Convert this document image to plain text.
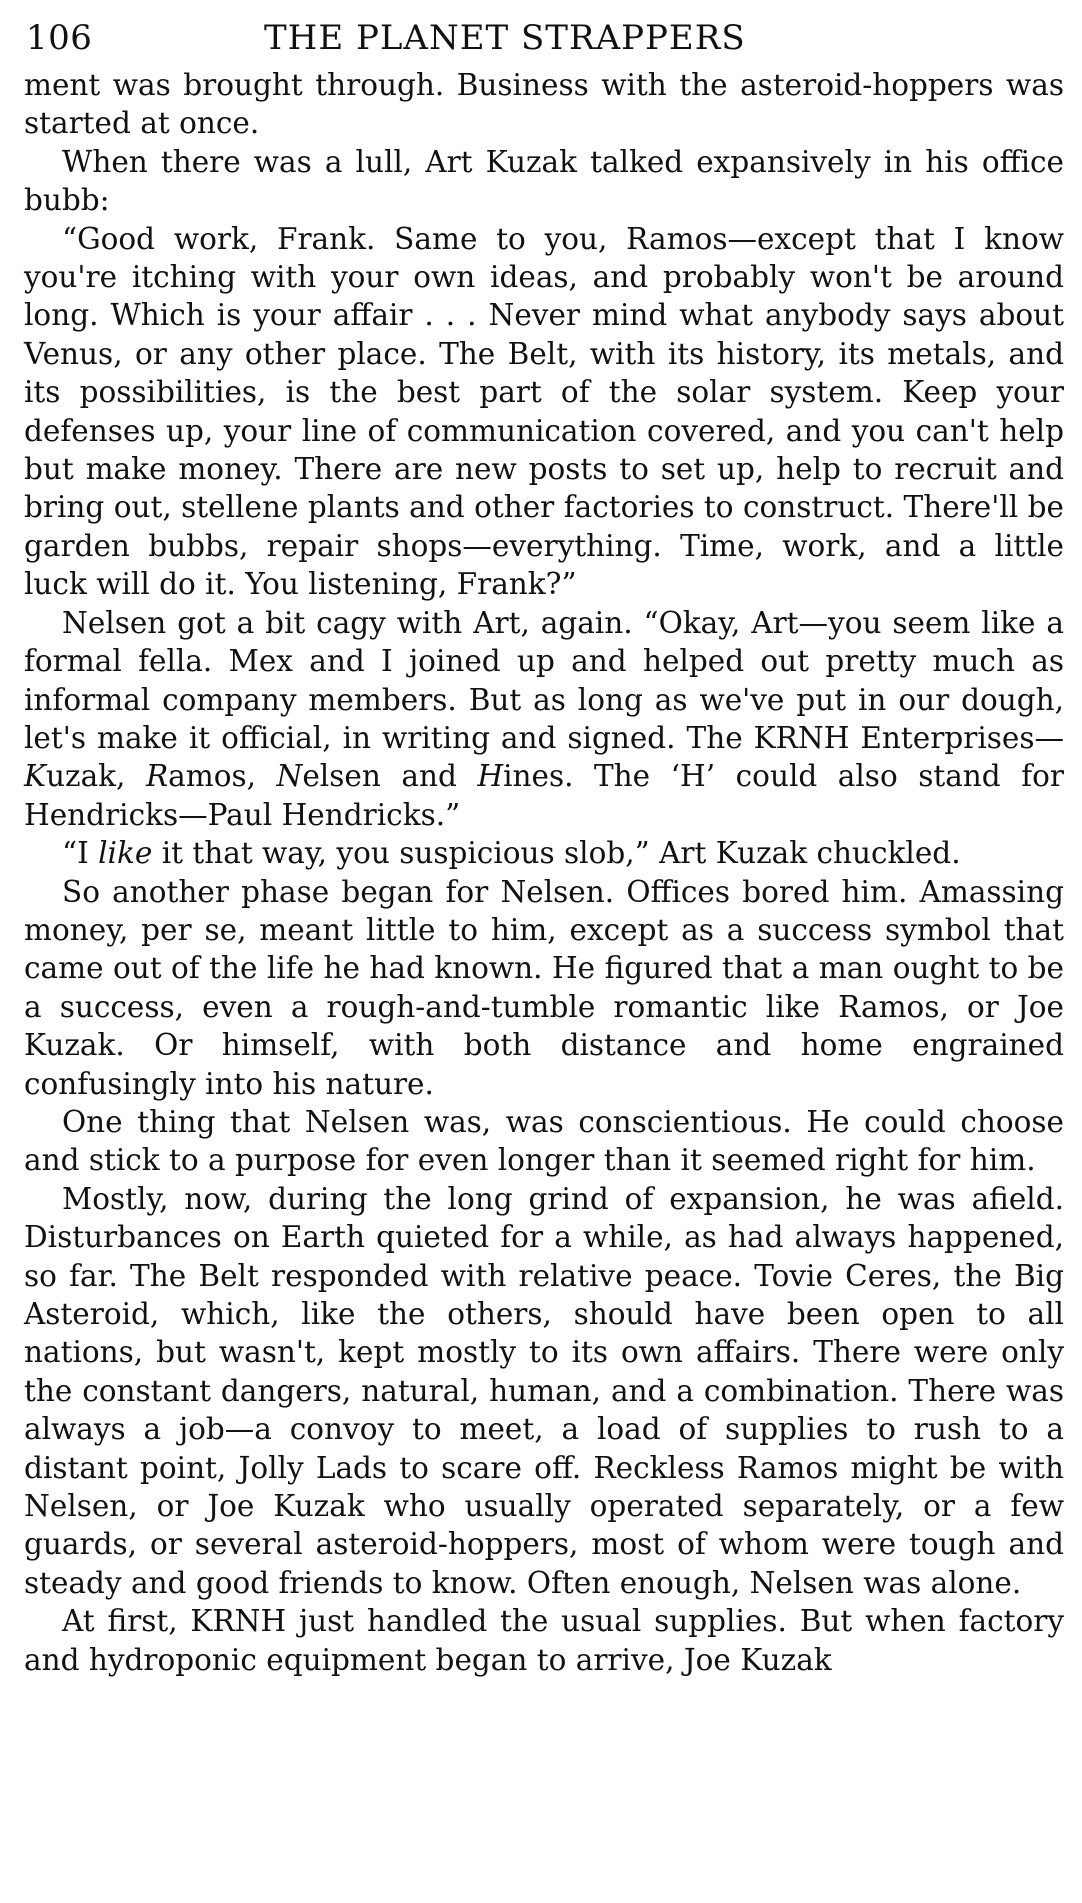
106	THE PLANET STRAPPERS

ment was brought through. Business with the asteroid-hoppers was started at once.

When there was a lull, Art Kuzak talked expansively in his office bubb:

“Good work, Frank. Same to you, Ramos—except that I know you're itching with your own ideas, and probably won't be around long. Which is your affair . . . Never mind what anybody says about Venus, or any other place. The Belt, with its history, its metals, and its possibilities, is the best part of the solar system. Keep your defenses up, your line of communication covered, and you can't help but make money. There are new posts to set up, help to recruit and bring out, stellene plants and other factories to construct. There'll be garden bubbs, repair shops—everything. Time, work, and a little luck will do it. You listening, Frank?”

Nelsen got a bit cagy with Art, again. “Okay, Art—you seem like a formal fella. Mex and I joined up and helped out pretty much as informal company members. But as long as we've put in our dough, let's make it official, in writing and signed. The KRNH Enterprises—Kuzak, Ramos, Nelsen and Hines. The ‘H’ could also stand for Hendricks—Paul Hendricks.”

“I like it that way, you suspicious slob,” Art Kuzak chuckled.

So another phase began for Nelsen. Offices bored him. Amassing money, per se, meant little to him, except as a success symbol that came out of the life he had known. He figured that a man ought to be a success, even a rough-and-tumble romantic like Ramos, or Joe Kuzak. Or himself, with both distance and home engrained confusingly into his nature.

One thing that Nelsen was, was conscientious. He could choose and stick to a purpose for even longer than it seemed right for him.

Mostly, now, during the long grind of expansion, he was afield. Disturbances on Earth quieted for a while, as had always happened, so far. The Belt responded with relative peace. Tovie Ceres, the Big Asteroid, which, like the others, should have been open to all nations, but wasn't, kept mostly to its own affairs. There were only the constant dangers, natural, human, and a combination. There was always a job—a convoy to meet, a load of supplies to rush to a distant point, Jolly Lads to scare off. Reckless Ramos might be with Nelsen, or Joe Kuzak who usually operated separately, or a few guards, or several asteroid-hoppers, most of whom were tough and steady and good friends to know. Often enough, Nelsen was alone.

At first, KRNH just handled the usual supplies. But when factory and hydroponic equipment began to arrive, Joe Kuzak
